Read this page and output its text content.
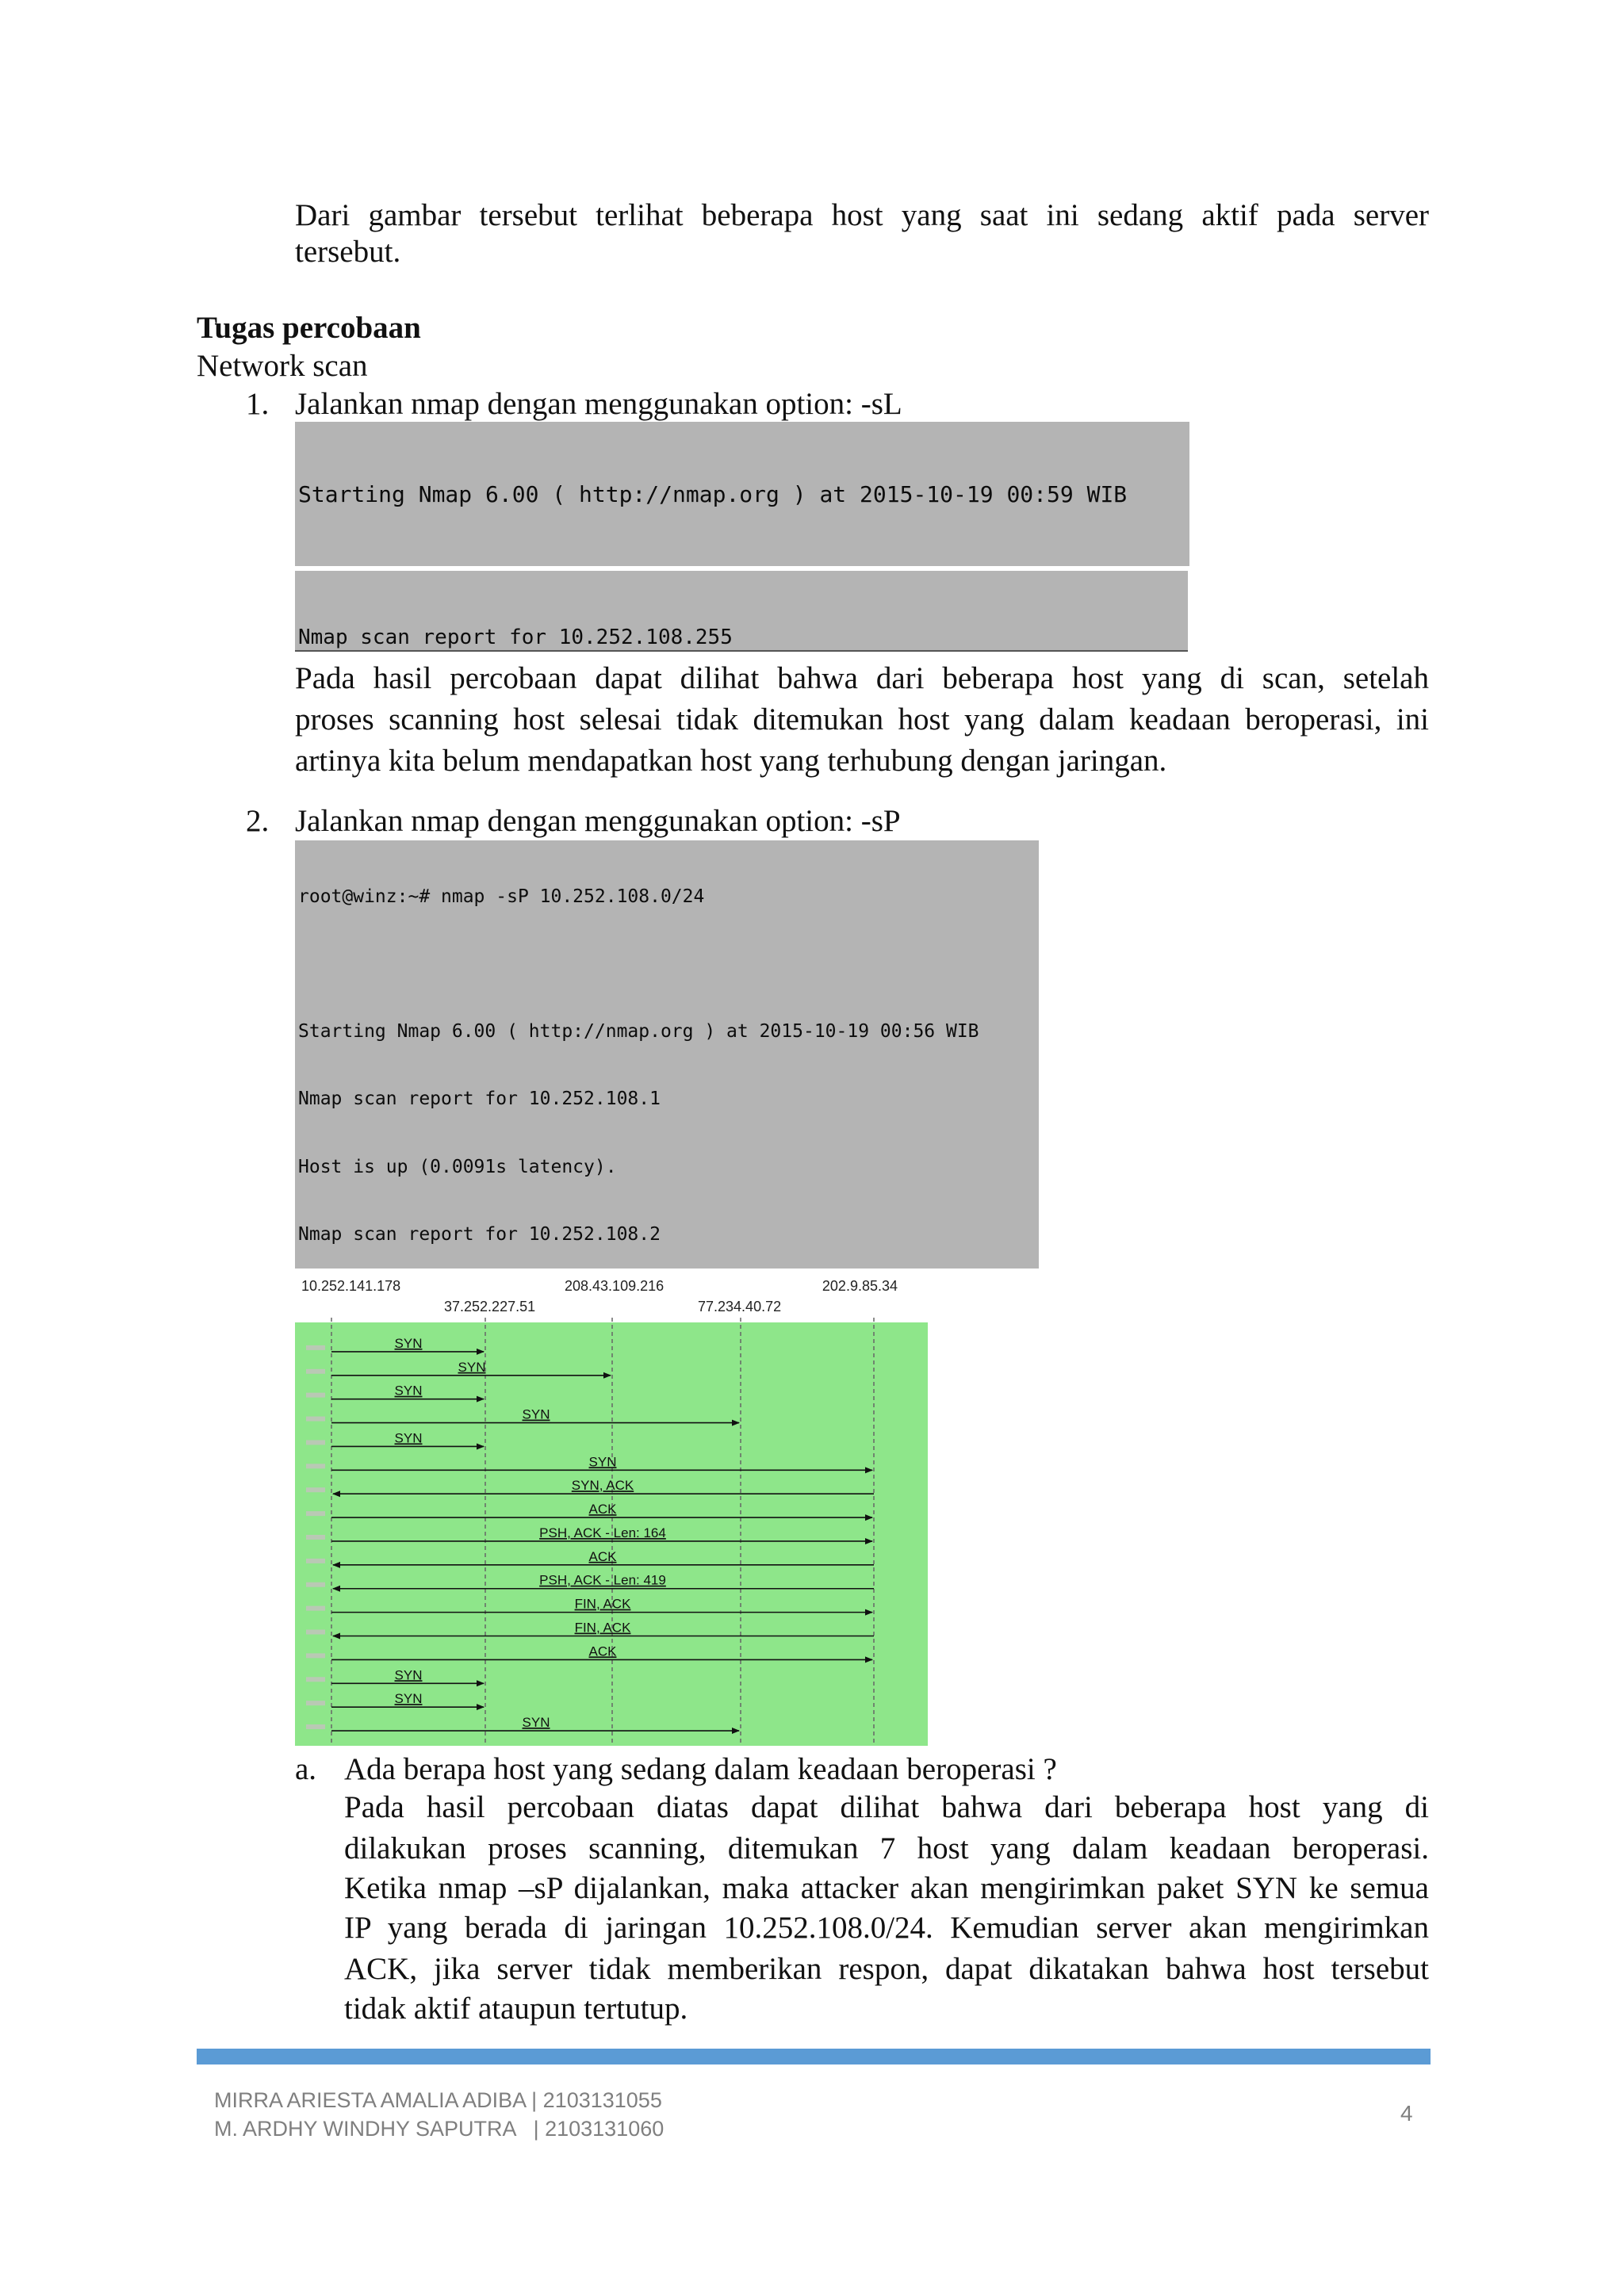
Dari gambar tersebut terlihat beberapa host yang saat ini sedang aktif pada server

tersebut.

Tugas percobaan

Network scan

1. Jalankan nmap dengan menggunakan option: -sL

Starting Nmap 6.00 ( http://nmap.org ) at 2015-10-19 00:59 WIB

Nmap scan report for 10.252.108.255

Pada hasil percobaan dapat dilihat bahwa dari beberapa host yang di scan, setelah

proses scanning host selesai tidak ditemukan host yang dalam keadaan beroperasi, ini

artinya kita belum mendapatkan host yang terhubung dengan jaringan.

2. Jalankan nmap dengan menggunakan option: -sP

root@winz:~# nmap -sP 10.252.108.0/24

Starting Nmap 6.00 ( http://nmap.org ) at 2015-10-19 00:56 WIB

Nmap scan report for 10.252.108.1

Host is up (0.0091s latency).

Nmap scan report for 10.252.108.2

10.252.141.178
37.252.227.51
208.43.109.216
77.234.40.72
202.9.85.34
SYN
SYN
SYN
SYN
SYN
SYN
SYN, ACK
ACK
PSH, ACK - Len: 164
ACK
PSH, ACK - Len: 419
FIN, ACK
FIN, ACK
ACK
SYN
SYN
SYN

a. Ada berapa host yang sedang dalam keadaan beroperasi ?

Pada hasil percobaan diatas dapat dilihat bahwa dari beberapa host yang di

dilakukan proses scanning, ditemukan 7 host yang dalam keadaan beroperasi.

Ketika nmap –sP dijalankan, maka attacker akan mengirimkan paket SYN ke semua

IP yang berada di jaringan 10.252.108.0/24. Kemudian server akan mengirimkan

ACK, jika server tidak memberikan respon, dapat dikatakan bahwa host tersebut

tidak aktif ataupun tertutup.

MIRRA ARIESTA AMALIA ADIBA | 2103131055
M. ARDHY WINDHY SAPUTRA   | 2103131060
4
